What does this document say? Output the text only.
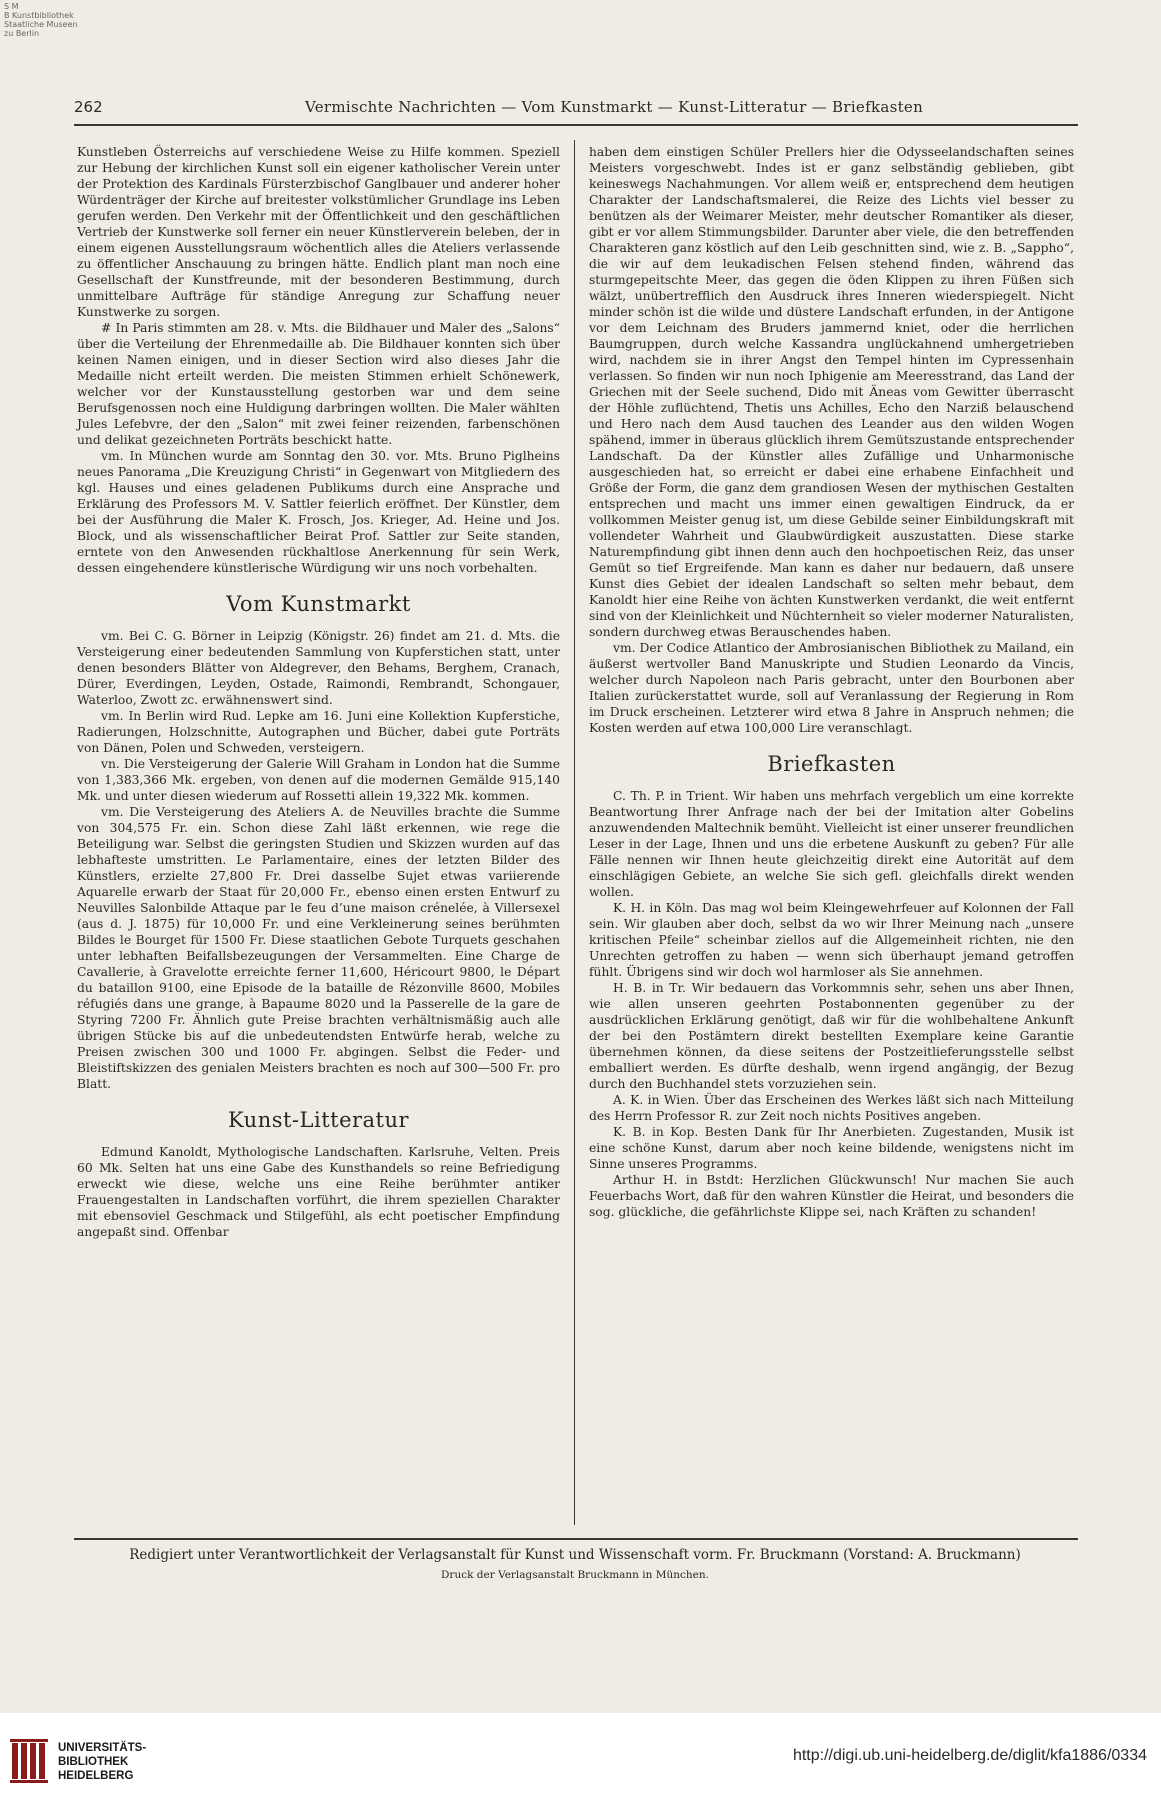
S M
B Kunstbibliothek
Staatliche Museen
zu Berlin
262	Vermischte Nachrichten — Vom Kunstmarkt — Kunst-Litteratur — Briefkasten

Kunstleben Österreichs auf verschiedene Weise zu Hilfe kommen. Speziell zur Hebung der kirchlichen Kunst soll ein eigener katholischer Verein unter der Protektion des Kardinals Fürsterzbischof Ganglbauer und anderer hoher Würdenträger der Kirche auf breitester volkstümlicher Grundlage ins Leben gerufen werden. Den Verkehr mit der Öffentlichkeit und den geschäftlichen Vertrieb der Kunstwerke soll ferner ein neuer Künstlerverein beleben, der in einem eigenen Ausstellungsraum wöchentlich alles die Ateliers verlassende zu öffentlicher Anschauung zu bringen hätte. Endlich plant man noch eine Gesellschaft der Kunstfreunde, mit der besonderen Bestimmung, durch unmittelbare Aufträge für ständige Anregung zur Schaffung neuer Kunstwerke zu sorgen.

# In Paris stimmten am 28. v. Mts. die Bildhauer und Maler des „Salons“ über die Verteilung der Ehrenmedaille ab. Die Bildhauer konnten sich über keinen Namen einigen, und in dieser Section wird also dieses Jahr die Medaille nicht erteilt werden. Die meisten Stimmen erhielt Schönewerk, welcher vor der Kunstausstellung gestorben war und dem seine Berufsgenossen noch eine Huldigung darbringen wollten. Die Maler wählten Jules Lefebvre, der den „Salon“ mit zwei feiner reizenden, farbenschönen und delikat gezeichneten Porträts beschickt hatte.

vm. In München wurde am Sonntag den 30. vor. Mts. Bruno Piglheins neues Panorama „Die Kreuzigung Christi“ in Gegenwart von Mitgliedern des kgl. Hauses und eines geladenen Publikums durch eine Ansprache und Erklärung des Professors M. V. Sattler feierlich eröffnet. Der Künstler, dem bei der Ausführung die Maler K. Frosch, Jos. Krieger, Ad. Heine und Jos. Block, und als wissenschaftlicher Beirat Prof. Sattler zur Seite standen, erntete von den Anwesenden rückhaltlose Anerkennung für sein Werk, dessen eingehendere künstlerische Würdigung wir uns noch vorbehalten.

Vom Kunstmarkt

vm. Bei C. G. Börner in Leipzig (Königstr. 26) findet am 21. d. Mts. die Versteigerung einer bedeutenden Sammlung von Kupferstichen statt, unter denen besonders Blätter von Aldegrever, den Behams, Berghem, Cranach, Dürer, Everdingen, Leyden, Ostade, Raimondi, Rembrandt, Schongauer, Waterloo, Zwott zc. erwähnenswert sind.

vm. In Berlin wird Rud. Lepke am 16. Juni eine Kollektion Kupferstiche, Radierungen, Holzschnitte, Autographen und Bücher, dabei gute Porträts von Dänen, Polen und Schweden, versteigern.

vn. Die Versteigerung der Galerie Will Graham in London hat die Summe von 1,383,366 Mk. ergeben, von denen auf die modernen Gemälde 915,140 Mk. und unter diesen wiederum auf Rossetti allein 19,322 Mk. kommen.

vm. Die Versteigerung des Ateliers A. de Neuvilles brachte die Summe von 304,575 Fr. ein. Schon diese Zahl läßt erkennen, wie rege die Beteiligung war. Selbst die geringsten Studien und Skizzen wurden auf das lebhafteste umstritten. Le Parlamentaire, eines der letzten Bilder des Künstlers, erzielte 27,800 Fr. Drei dasselbe Sujet etwas variierende Aquarelle erwarb der Staat für 20,000 Fr., ebenso einen ersten Entwurf zu Neuvilles Salonbilde Attaque par le feu d’une maison crénelée, à Villersexel (aus d. J. 1875) für 10,000 Fr. und eine Verkleinerung seines berühmten Bildes le Bourget für 1500 Fr. Diese staatlichen Gebote Turquets geschahen unter lebhaften Beifallsbezeugungen der Versammelten. Eine Charge de Cavallerie, à Gravelotte erreichte ferner 11,600, Héricourt 9800, le Départ du bataillon 9100, eine Episode de la bataille de Rézonville 8600, Mobiles réfugiés dans une grange, à Bapaume 8020 und la Passerelle de la gare de Styring 7200 Fr. Ähnlich gute Preise brachten verhältnismäßig auch alle übrigen Stücke bis auf die unbedeutendsten Entwürfe herab, welche zu Preisen zwischen 300 und 1000 Fr. abgingen. Selbst die Feder- und Bleistiftskizzen des genialen Meisters brachten es noch auf 300—500 Fr. pro Blatt.

Kunst-Litteratur

Edmund Kanoldt, Mythologische Landschaften. Karlsruhe, Velten. Preis 60 Mk. Selten hat uns eine Gabe des Kunsthandels so reine Befriedigung erweckt wie diese, welche uns eine Reihe berühmter antiker Frauengestalten in Landschaften vorführt, die ihrem speziellen Charakter mit ebensoviel Geschmack und Stilgefühl, als echt poetischer Empfindung angepaßt sind. Offenbar

haben dem einstigen Schüler Prellers hier die Odysseelandschaften seines Meisters vorgeschwebt. Indes ist er ganz selbständig geblieben, gibt keineswegs Nachahmungen. Vor allem weiß er, entsprechend dem heutigen Charakter der Landschaftsmalerei, die Reize des Lichts viel besser zu benützen als der Weimarer Meister, mehr deutscher Romantiker als dieser, gibt er vor allem Stimmungsbilder. Darunter aber viele, die den betreffenden Charakteren ganz köstlich auf den Leib geschnitten sind, wie z. B. „Sappho“, die wir auf dem leukadischen Felsen stehend finden, während das sturmgepeitschte Meer, das gegen die öden Klippen zu ihren Füßen sich wälzt, unübertrefflich den Ausdruck ihres Inneren wiederspiegelt. Nicht minder schön ist die wilde und düstere Landschaft erfunden, in der Antigone vor dem Leichnam des Bruders jammernd kniet, oder die herrlichen Baumgruppen, durch welche Kassandra unglückahnend umhergetrieben wird, nachdem sie in ihrer Angst den Tempel hinten im Cypressenhain verlassen. So finden wir nun noch Iphigenie am Meeresstrand, das Land der Griechen mit der Seele suchend, Dido mit Äneas vom Gewitter überrascht der Höhle zuflüchtend, Thetis uns Achilles, Echo den Narziß belauschend und Hero nach dem Ausd tauchen des Leander aus den wilden Wogen spähend, immer in überaus glücklich ihrem Gemütszustande entsprechender Landschaft. Da der Künstler alles Zufällige und Unharmonische ausgeschieden hat, so erreicht er dabei eine erhabene Einfachheit und Größe der Form, die ganz dem grandiosen Wesen der mythischen Gestalten entsprechen und macht uns immer einen gewaltigen Eindruck, da er vollkommen Meister genug ist, um diese Gebilde seiner Einbildungskraft mit vollendeter Wahrheit und Glaubwürdigkeit auszustatten. Diese starke Naturempfindung gibt ihnen denn auch den hochpoetischen Reiz, das unser Gemüt so tief Ergreifende. Man kann es daher nur bedauern, daß unsere Kunst dies Gebiet der idealen Landschaft so selten mehr bebaut, dem Kanoldt hier eine Reihe von ächten Kunstwerken verdankt, die weit entfernt sind von der Kleinlichkeit und Nüchternheit so vieler moderner Naturalisten, sondern durchweg etwas Berauschendes haben.

vm. Der Codice Atlantico der Ambrosianischen Bibliothek zu Mailand, ein äußerst wertvoller Band Manuskripte und Studien Leonardo da Vincis, welcher durch Napoleon nach Paris gebracht, unter den Bourbonen aber Italien zurückerstattet wurde, soll auf Veranlassung der Regierung in Rom im Druck erscheinen. Letzterer wird etwa 8 Jahre in Anspruch nehmen; die Kosten werden auf etwa 100,000 Lire veranschlagt.

Briefkasten

C. Th. P. in Trient. Wir haben uns mehrfach vergeblich um eine korrekte Beantwortung Ihrer Anfrage nach der bei der Imitation alter Gobelins anzuwendenden Maltechnik bemüht. Vielleicht ist einer unserer freundlichen Leser in der Lage, Ihnen und uns die erbetene Auskunft zu geben? Für alle Fälle nennen wir Ihnen heute gleichzeitig direkt eine Autorität auf dem einschlägigen Gebiete, an welche Sie sich gefl. gleichfalls direkt wenden wollen.

K. H. in Köln. Das mag wol beim Kleingewehrfeuer auf Kolonnen der Fall sein. Wir glauben aber doch, selbst da wo wir Ihrer Meinung nach „unsere kritischen Pfeile“ scheinbar ziellos auf die Allgemeinheit richten, nie den Unrechten getroffen zu haben — wenn sich überhaupt jemand getroffen fühlt. Übrigens sind wir doch wol harmloser als Sie annehmen.

H. B. in Tr. Wir bedauern das Vorkommnis sehr, sehen uns aber Ihnen, wie allen unseren geehrten Postabonnenten gegenüber zu der ausdrücklichen Erklärung genötigt, daß wir für die wohlbehaltene Ankunft der bei den Postämtern direkt bestellten Exemplare keine Garantie übernehmen können, da diese seitens der Postzeitlieferungsstelle selbst emballiert werden. Es dürfte deshalb, wenn irgend angängig, der Bezug durch den Buchhandel stets vorzuziehen sein.

A. K. in Wien. Über das Erscheinen des Werkes läßt sich nach Mitteilung des Herrn Professor R. zur Zeit noch nichts Positives angeben.

K. B. in Kop. Besten Dank für Ihr Anerbieten. Zugestanden, Musik ist eine schöne Kunst, darum aber noch keine bildende, wenigstens nicht im Sinne unseres Programms.

Arthur H. in Bstdt: Herzlichen Glückwunsch! Nur machen Sie auch Feuerbachs Wort, daß für den wahren Künstler die Heirat, und besonders die sog. glückliche, die gefährlichste Klippe sei, nach Kräften zu schanden!

Redigiert unter Verantwortlichkeit der Verlagsanstalt für Kunst und Wissenschaft vorm. Fr. Bruckmann (Vorstand: A. Bruckmann)
Druck der Verlagsanstalt Bruckmann in München.
UNIVERSITÄTS-
BIBLIOTHEK
HEIDELBERG
http://digi.ub.uni-heidelberg.de/diglit/kfa1886/0334
